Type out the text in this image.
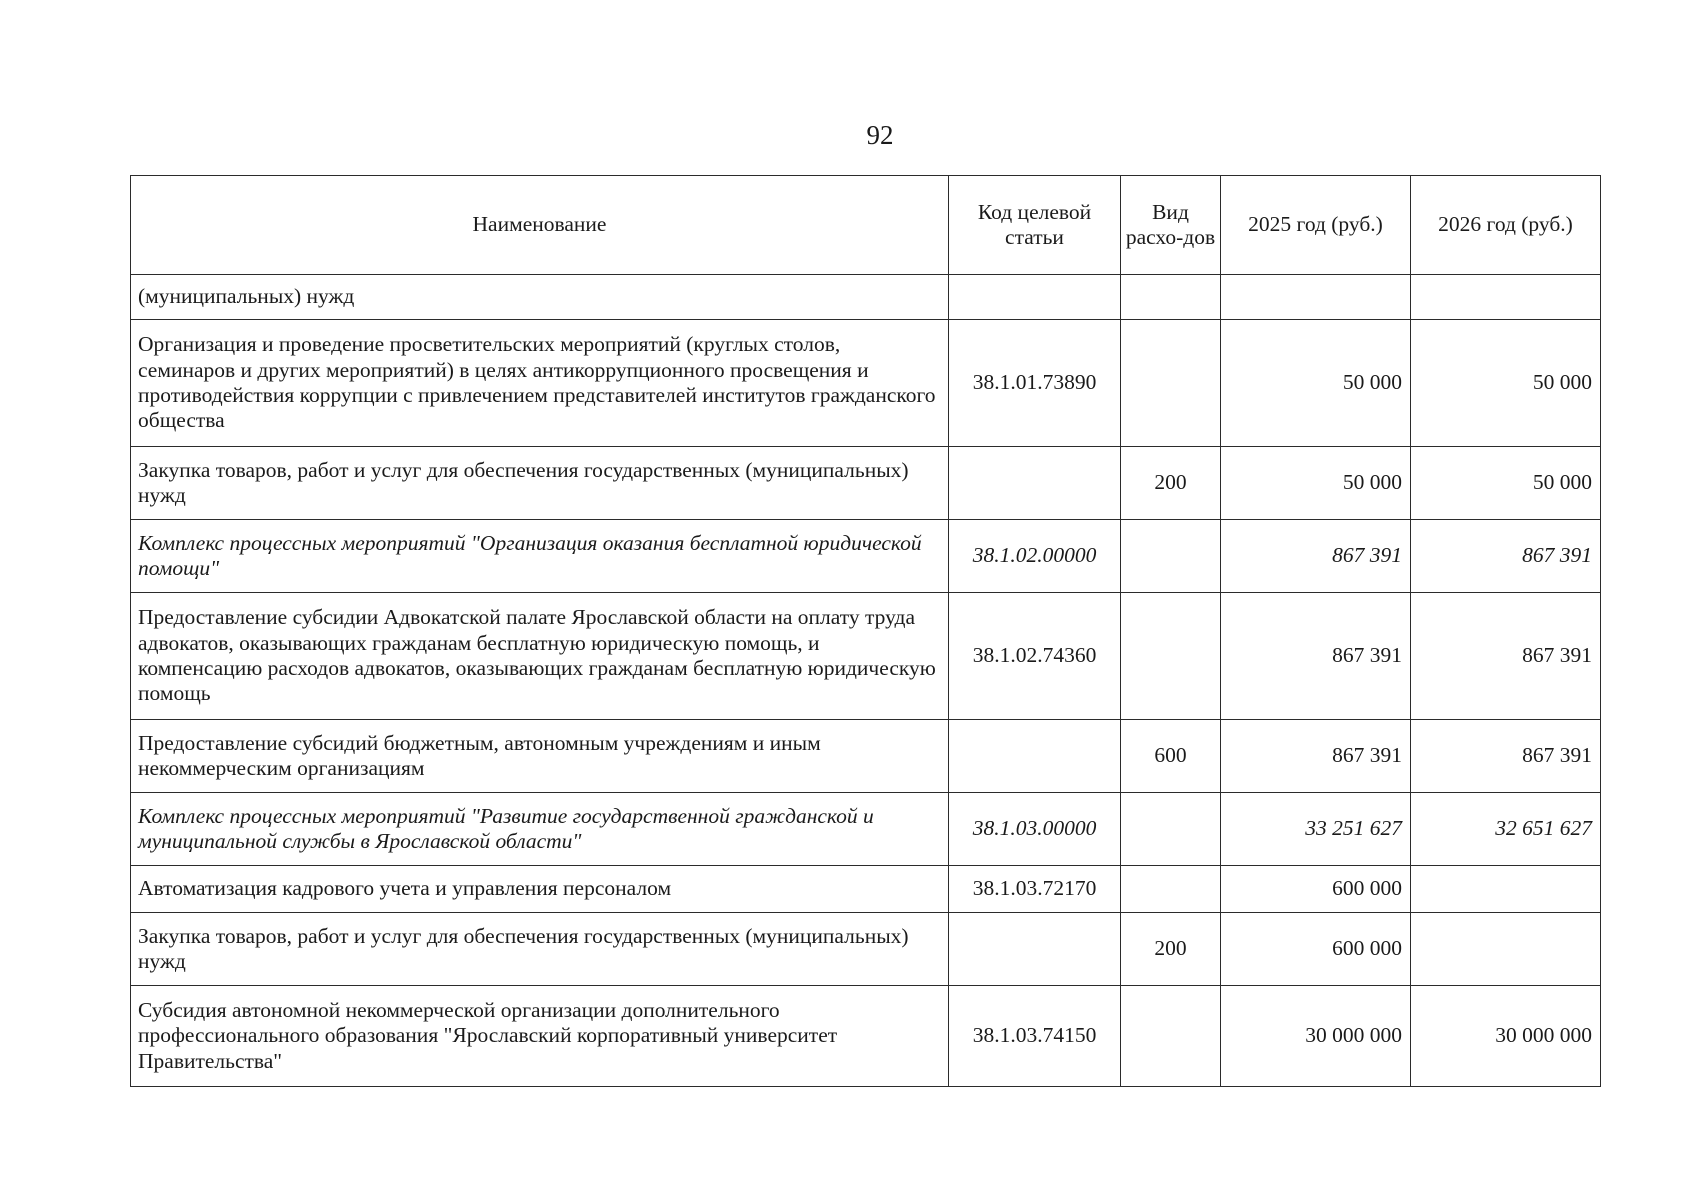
92
Наименование	Код целевой статьи	Вид расхо-дов	2025 год (руб.)	2026 год (руб.)
(муниципальных) нужд				
Организация и проведение просветительских мероприятий (круглых столов, семинаров и других мероприятий) в целях антикоррупционного просвещения и противодействия коррупции с привлечением представителей институтов гражданского общества	38.1.01.73890		50 000	50 000
Закупка товаров, работ и услуг для обеспечения государственных (муниципальных) нужд		200	50 000	50 000
Комплекс процессных мероприятий "Организация оказания бесплатной юридической помощи"	38.1.02.00000		867 391	867 391
Предоставление субсидии Адвокатской палате Ярославской области на оплату труда адвокатов, оказывающих гражданам бесплатную юридическую помощь, и компенсацию расходов адвокатов, оказывающих гражданам бесплатную юридическую помощь	38.1.02.74360		867 391	867 391
Предоставление субсидий бюджетным, автономным учреждениям и иным некоммерческим организациям		600	867 391	867 391
Комплекс процессных мероприятий "Развитие государственной гражданской и муниципальной службы в Ярославской области"	38.1.03.00000		33 251 627	32 651 627
Автоматизация кадрового учета и управления персоналом	38.1.03.72170		600 000	
Закупка товаров, работ и услуг для обеспечения государственных (муниципальных) нужд		200	600 000	
Субсидия автономной некоммерческой организации дополнительного профессионального образования "Ярославский корпоративный университет Правительства"	38.1.03.74150		30 000 000	30 000 000
